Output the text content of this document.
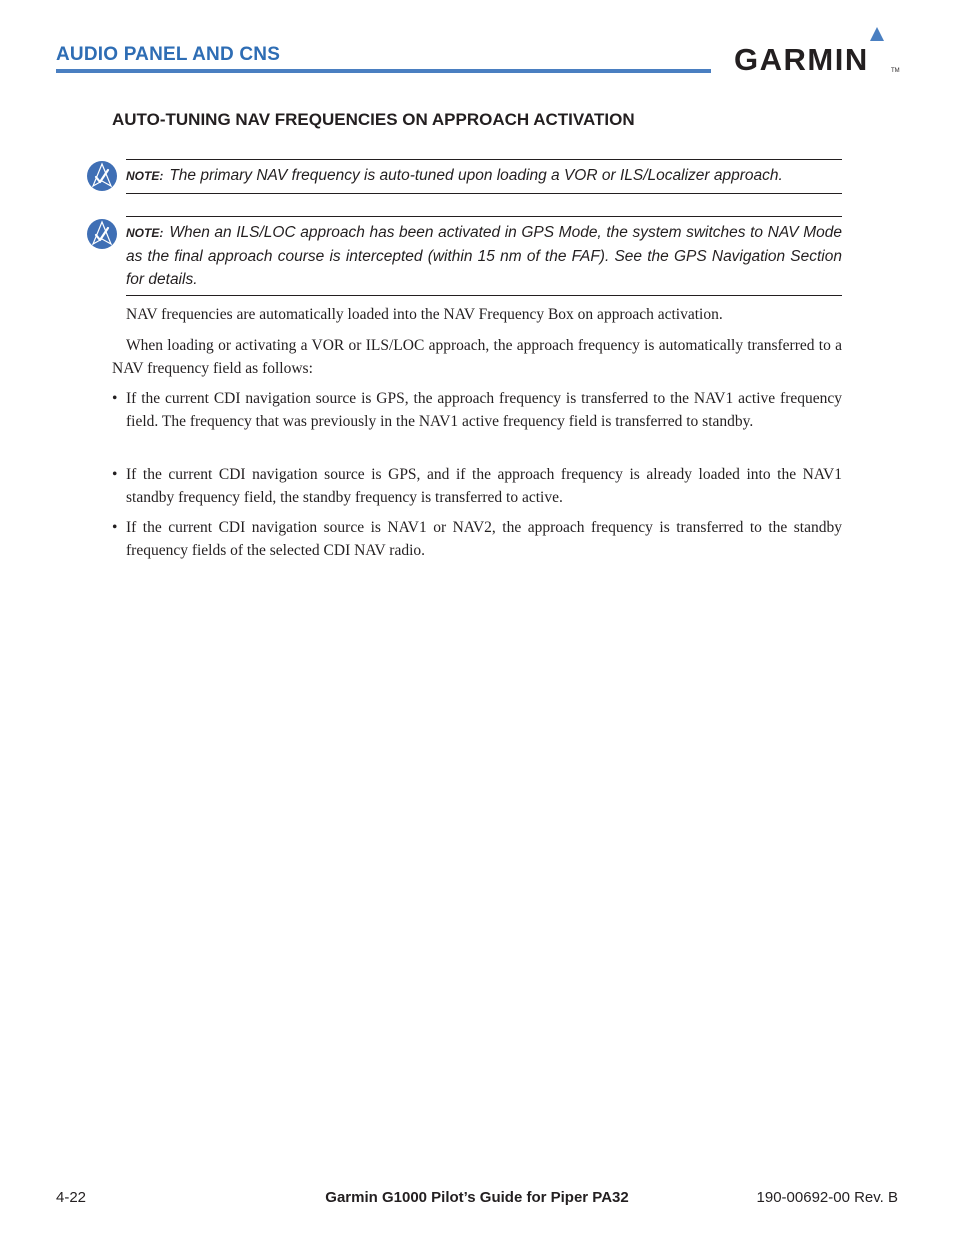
AUDIO PANEL AND CNS	GARMIN	TM
AUTO-TUNING NAV FREQUENCIES ON APPROACH ACTIVATION
NOTE: The primary NAV frequency is auto-tuned upon loading a VOR or ILS/Localizer approach.
NOTE: When an ILS/LOC approach has been activated in GPS Mode, the system switches to NAV Mode as the final approach course is intercepted (within 15 nm of the FAF). See the GPS Navigation Section for details.
NAV frequencies are automatically loaded into the NAV Frequency Box on approach activation.
When loading or activating a VOR or ILS/LOC approach, the approach frequency is automatically transferred to a NAV frequency field as follows:
• If the current CDI navigation source is GPS, the approach frequency is transferred to the NAV1 active frequency field. The frequency that was previously in the NAV1 active frequency field is transferred to standby.
• If the current CDI navigation source is GPS, and if the approach frequency is already loaded into the NAV1 standby frequency field, the standby frequency is transferred to active.
• If the current CDI navigation source is NAV1 or NAV2, the approach frequency is transferred to the standby frequency fields of the selected CDI NAV radio.
4-22	Garmin G1000 Pilot’s Guide for Piper PA32	190-00692-00 Rev. B
